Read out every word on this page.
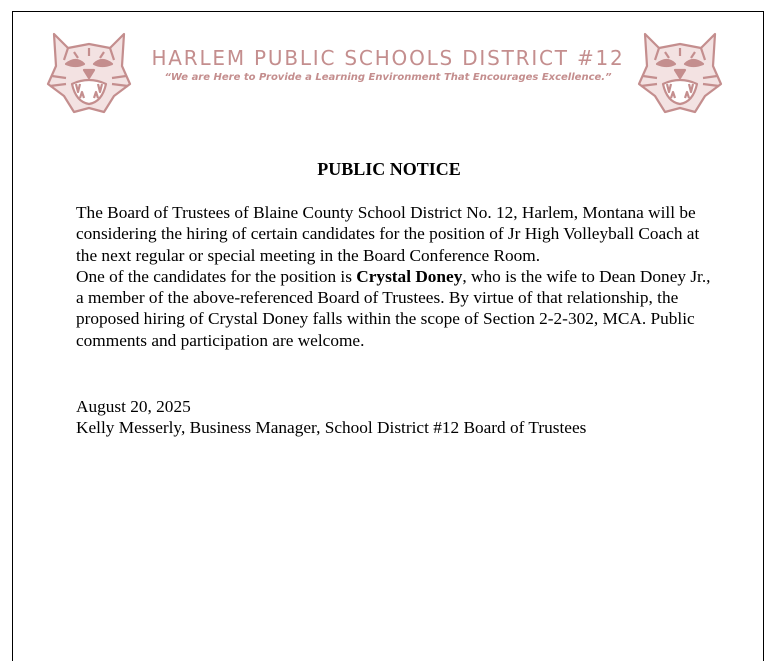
HARLEM PUBLIC SCHOOLS DISTRICT #12
“We are Here to Provide a Learning Environment That Encourages Excellence.”
PUBLIC NOTICE

The Board of Trustees of Blaine County School District No. 12, Harlem, Montana will be considering the hiring of certain candidates for the position of Jr High Volleyball Coach at the next regular or special meeting in the Board Conference Room.

One of the candidates for the position is Crystal Doney, who is the wife to Dean Doney Jr., a member of the above-referenced Board of Trustees. By virtue of that relationship, the proposed hiring of Crystal Doney falls within the scope of Section 2-2-302, MCA. Public comments and participation are welcome.

August 20, 2025
Kelly Messerly, Business Manager, School District #12 Board of Trustees
